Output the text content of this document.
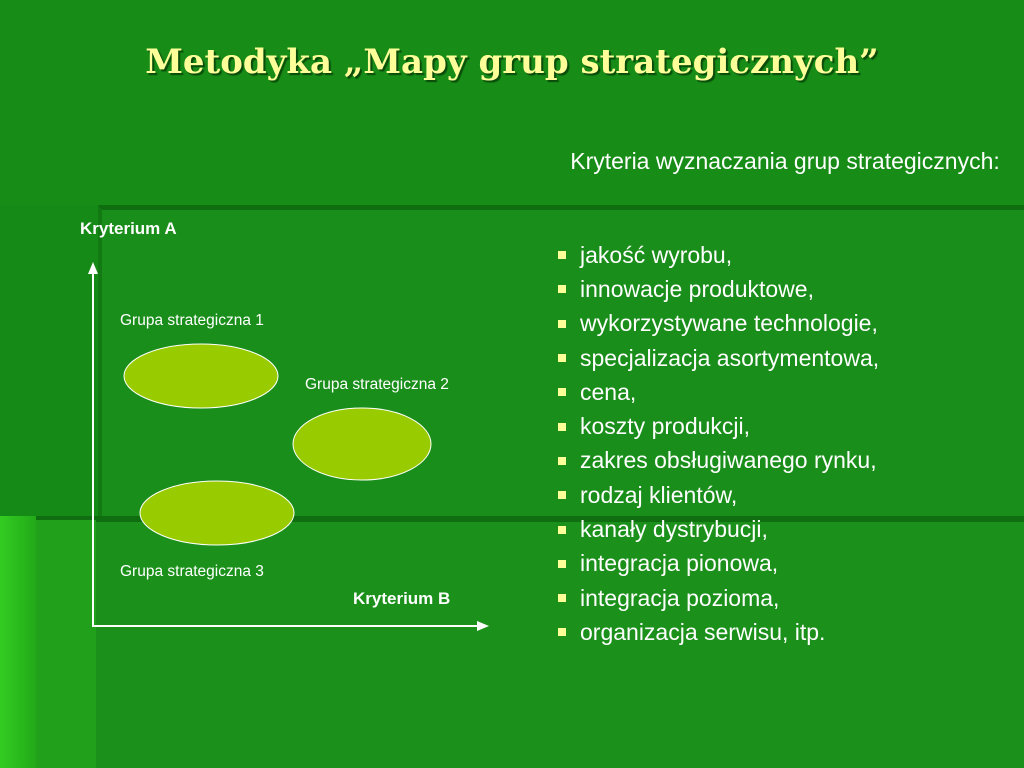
Metodyka „Mapy grup strategicznych”
Kryterium A
Kryterium B
Grupa strategiczna 1
Grupa strategiczna 2
Grupa strategiczna 3
Kryteria wyznaczania grup strategicznych:
jakość wyrobu,
innowacje produktowe,
wykorzystywane technologie,
specjalizacja asortymentowa,
cena,
koszty produkcji,
zakres obsługiwanego rynku,
rodzaj klientów,
kanały dystrybucji,
integracja pionowa,
integracja pozioma,
organizacja serwisu, itp.
